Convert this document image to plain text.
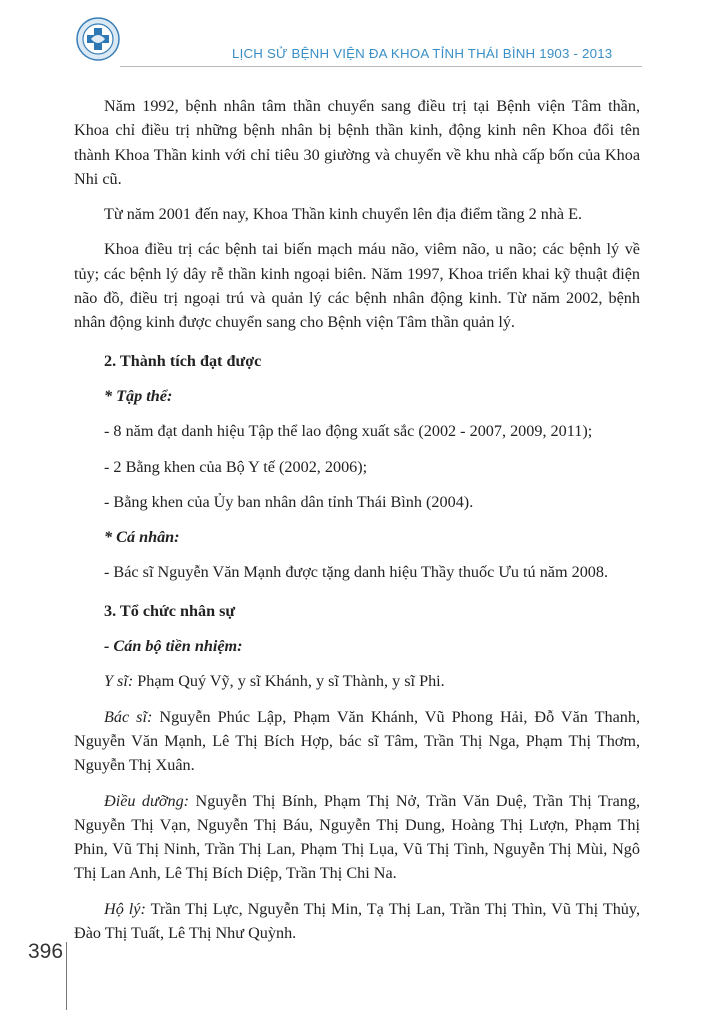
LỊCH SỬ BỆNH VIỆN ĐA KHOA TỈNH THÁI BÌNH 1903 - 2013

Năm 1992, bệnh nhân tâm thần chuyển sang điều trị tại Bệnh viện Tâm thần, Khoa chỉ điều trị những bệnh nhân bị bệnh thần kinh, động kinh nên Khoa đổi tên thành Khoa Thần kinh với chỉ tiêu 30 giường và chuyển về khu nhà cấp bốn của Khoa Nhi cũ.

Từ năm 2001 đến nay, Khoa Thần kinh chuyển lên địa điểm tầng 2 nhà E.

Khoa điều trị các bệnh tai biến mạch máu não, viêm não, u não; các bệnh lý về tủy; các bệnh lý dây rễ thần kinh ngoại biên. Năm 1997, Khoa triển khai kỹ thuật điện não đồ, điều trị ngoại trú và quản lý các bệnh nhân động kinh. Từ năm 2002, bệnh nhân động kinh được chuyển sang cho Bệnh viện Tâm thần quản lý.

2. Thành tích đạt được

* Tập thể:

- 8 năm đạt danh hiệu Tập thể lao động xuất sắc (2002 - 2007, 2009, 2011);

- 2 Bằng khen của Bộ Y tế (2002, 2006);

- Bằng khen của Ủy ban nhân dân tỉnh Thái Bình (2004).

* Cá nhân:

- Bác sĩ Nguyễn Văn Mạnh được tặng danh hiệu Thầy thuốc Ưu tú năm 2008.

3. Tổ chức nhân sự

- Cán bộ tiền nhiệm:

Y sĩ: Phạm Quý Vỹ, y sĩ Khánh, y sĩ Thành, y sĩ Phi.

Bác sĩ: Nguyễn Phúc Lập, Phạm Văn Khánh, Vũ Phong Hải, Đỗ Văn Thanh, Nguyễn Văn Mạnh, Lê Thị Bích Hợp, bác sĩ Tâm, Trần Thị Nga, Phạm Thị Thơm, Nguyễn Thị Xuân.

Điều dưỡng: Nguyễn Thị Bính, Phạm Thị Nở, Trần Văn Duệ, Trần Thị Trang, Nguyễn Thị Vạn, Nguyễn Thị Báu, Nguyễn Thị Dung, Hoàng Thị Lượn, Phạm Thị Phin, Vũ Thị Ninh, Trần Thị Lan, Phạm Thị Lụa, Vũ Thị Tình, Nguyễn Thị Mùi, Ngô Thị Lan Anh, Lê Thị Bích Diệp, Trần Thị Chi Na.

Hộ lý: Trần Thị Lực, Nguyễn Thị Min, Tạ Thị Lan, Trần Thị Thìn, Vũ Thị Thủy, Đào Thị Tuất, Lê Thị Như Quỳnh.

396
